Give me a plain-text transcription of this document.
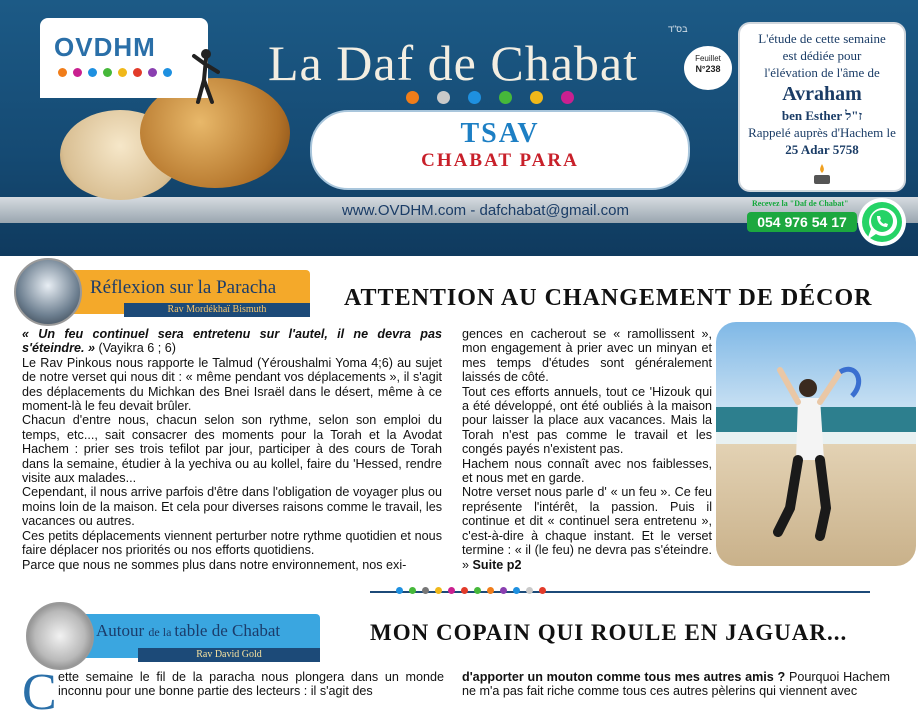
OVDHM La Daf de Chabat
בס"ד
Feuillet
N°238
TSAV
CHABAT PARA
L'étude de cette semaine
est dédiée pour
l'élévation de l'âme de
Avraham
ben Esther ז"ל
Rappelé auprès d'Hachem le
25 Adar 5758
www.OVDHM.com - dafchabat@gmail.com	Recevez la "Daf de Chabat"
054 976 54 17
Réflexion sur la Paracha
Rav Mordékhaï Bismuth	ATTENTION AU CHANGEMENT DE DÉCOR

« Un feu continuel sera entretenu sur l'autel, il ne devra pas s'éteindre. » (Vayikra 6 ; 6)

Le Rav Pinkous nous rapporte le Talmud (Yéroushalmi Yoma 4;6) au sujet de notre verset qui nous dit : « même pendant vos déplacements », il s'agit des déplacements du Michkan des Bnei Israël dans le désert, même à ce moment-là le feu devait brûler.

Chacun d'entre nous, chacun selon son rythme, selon son emploi du temps, etc..., sait consacrer des moments pour la Torah et la Avodat Hachem : prier ses trois tefilot par jour, participer à des cours de Torah dans la semaine, étudier à la yechiva ou au kollel, faire du 'Hessed, rendre visite aux malades...

Cependant, il nous arrive parfois d'être dans l'obligation de voyager plus ou moins loin de la maison. Et cela pour diverses raisons comme le travail, les vacances ou autres.

Ces petits déplacements viennent perturber notre rythme quotidien et nous faire déplacer nos priorités ou nos efforts quotidiens.

Parce que nous ne sommes plus dans notre environnement, nos exi-

gences en cacherout se « ramollissent », mon engagement à prier avec un minyan et mes temps d'études sont généralement laissés de côté.

Tout ces efforts annuels, tout ce 'Hizouk qui a été développé, ont été oubliés à la maison pour laisser la place aux vacances. Mais la Torah n'est pas comme le travail et les congés payés n'existent pas.

Hachem nous connaît avec nos faiblesses, et nous met en garde.

Notre verset nous parle d' « un feu ». Ce feu représente l'intérêt, la passion. Puis il continue et dit « continuel sera entretenu », c'est-à-dire à chaque instant. Et le verset termine : « il (le feu) ne devra pas s'éteindre. » Suite p2

Autour de la table de Chabat
Rav David Gold
MON COPAIN QUI ROULE EN JAGUAR...
C ette semaine le fil de la paracha nous plongera dans un monde inconnu pour une bonne partie des lecteurs : il s'agit des

d'apporter un mouton comme tous mes autres amis ? Pourquoi Hachem ne m'a pas fait riche comme tous ces autres pèlerins qui viennent avec
